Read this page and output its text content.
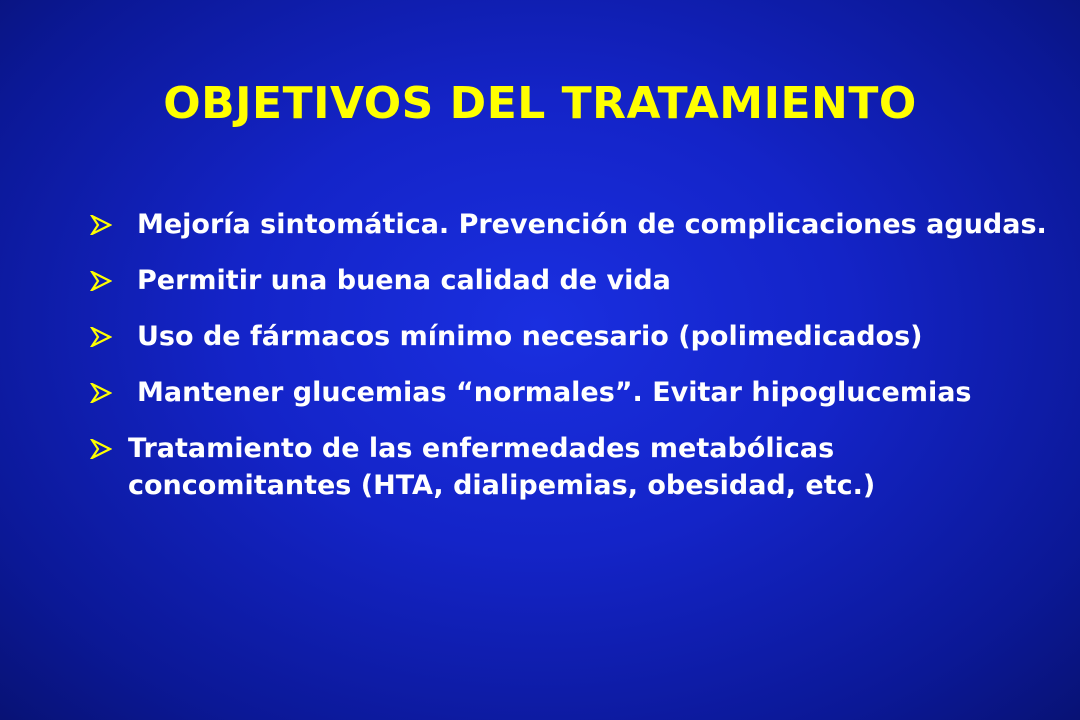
OBJETIVOS DEL TRATAMIENTO
Mejoría sintomática. Prevención de complicaciones agudas.
Permitir una buena calidad de vida
Uso de fármacos mínimo necesario (polimedicados)
Mantener glucemias “normales”. Evitar hipoglucemias
Tratamiento de las enfermedades metabólicas concomitantes (HTA, dialipemias, obesidad, etc.)
